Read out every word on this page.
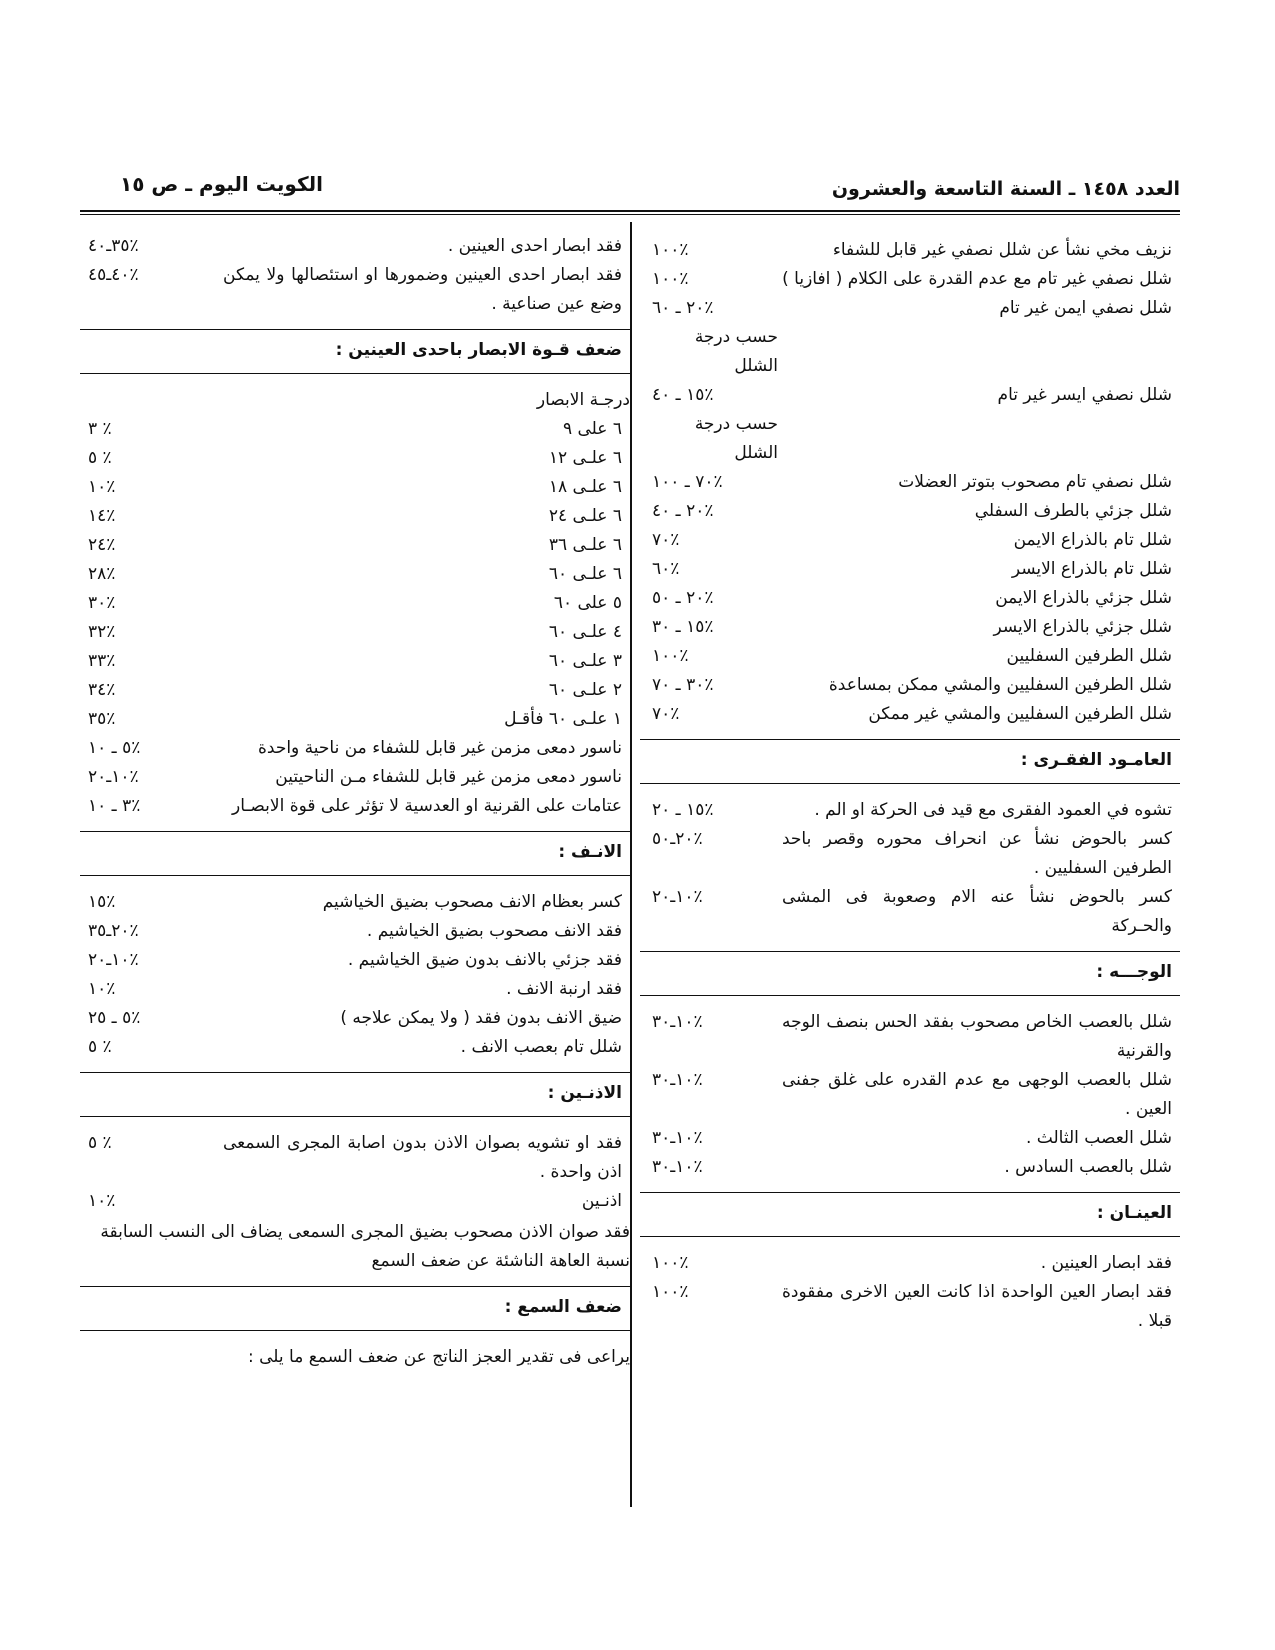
العدد ١٤٥٨ ـ السنة التاسعة والعشرون
الكويت اليوم ـ ص ١٥
نزيف مخي نشأ عن شلل نصفي غير قابل للشفاء
١٠٠٪
شلل نصفي غير تام مع عدم القدرة على الكلام ( افازيا )
١٠٠٪
شلل نصفي ايمن غير تام
٢٠ ـ ٦٠٪
حسب درجة الشلل
شلل نصفي ايسر غير تام
١٥ ـ ٤٠٪
حسب درجة الشلل
شلل نصفي تام مصحوب بتوتر العضلات
٧٠ ـ ١٠٠٪
شلل جزئي بالطرف السفلي
٢٠ ـ ٤٠٪
شلل تام بالذراع الايمن
٧٠٪
شلل تام بالذراع الايسر
٦٠٪
شلل جزئي بالذراع الايمن
٢٠ ـ ٥٠٪
شلل جزئي بالذراع الايسر
١٥ ـ ٣٠٪
شلل الطرفين السفليين
١٠٠٪
شلل الطرفين السفليين والمشي ممكن بمساعدة
٣٠ ـ ٧٠٪
شلل الطرفين السفليين والمشي غير ممكن
٧٠٪
العامـود الفقـرى :
تشوه في العمود الفقرى مع قيد فى الحركة او الم .
١٥ ـ ٢٠٪
كسر بالحوض نشأ عن انحراف محوره وقصر باحد الطرفين السفليين .
٢٠ـ٥٠٪
كسر بالحوض نشأ عنه الام وصعوبة فى المشى والحـركة
١٠ـ٢٠٪
الوجـــه :
شلل بالعصب الخاص مصحوب بفقد الحس بنصف الوجه والقرنية
١٠ـ٣٠٪
شلل بالعصب الوجهى مع عدم القدره على غلق جفنى العين .
١٠ـ٣٠٪
شلل العصب الثالث .
١٠ـ٣٠٪
شلل بالعصب السادس .
١٠ـ٣٠٪
العينـان :
فقد ابصار العينين .
١٠٠٪
فقد ابصار العين الواحدة اذا كانت العين الاخرى مفقودة قبلا .
١٠٠٪
فقد ابصار احدى العينين .
٣٥ـ٤٠٪
فقد ابصار احدى العينين وضمورها او استئصالها ولا يمكن وضع عين صناعية .
٤٠ـ٤٥٪
ضعف قـوة الابصار باحدى العينين :
درجـة الابصار
٦ على ٩
٣ ٪
٦ علـى ١٢
٥ ٪
٦ علـى ١٨
١٠٪
٦ علـى ٢٤
١٤٪
٦ علـى ٣٦
٢٤٪
٦ علـى ٦٠
٢٨٪
٥ على ٦٠
٣٠٪
٤ علـى ٦٠
٣٢٪
٣ علـى ٦٠
٣٣٪
٢ علـى ٦٠
٣٤٪
١ علـى ٦٠ فأقـل
٣٥٪
ناسور دمعى مزمن غير قابل للشفاء من ناحية واحدة
٥ ـ ١٠٪
ناسور دمعى مزمن غير قابل للشفاء مـن الناحيتين
١٠ـ٢٠٪
عتامات على القرنية او العدسية لا تؤثر على قوة الابصـار
٣ ـ ١٠٪
الانـف :
كسر بعظام الانف مصحوب بضيق الخياشيم
١٥٪
فقد الانف مصحوب بضيق الخياشيم .
٢٠ـ٣٥٪
فقد جزئي بالانف بدون ضيق الخياشيم .
١٠ـ٢٠٪
فقد ارنبة الانف .
١٠٪
ضيق الانف بدون فقد ( ولا يمكن علاجه )
٥ ـ ٢٥٪
شلل تام بعصب الانف .
٥ ٪
الاذنـين :
فقد او تشويه بصوان الاذن بدون اصابة المجرى السمعى اذن واحدة .
٥ ٪
اذنـين
١٠٪
فقد صوان الاذن مصحوب بضيق المجرى السمعى يضاف الى النسب السابقة نسبة العاهة الناشئة عن ضعف السمع
ضعف السمع :
يراعى فى تقدير العجز الناتج عن ضعف السمع ما يلى :
